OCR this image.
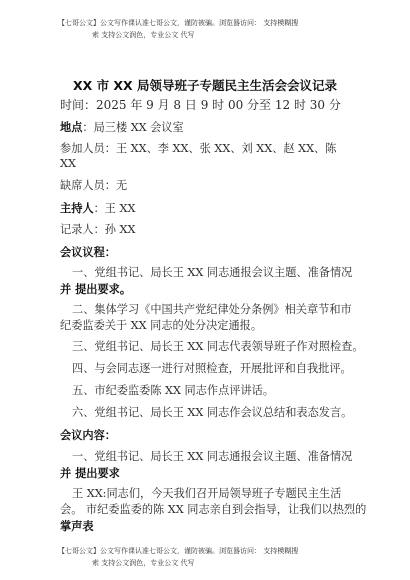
【七哥公文】公文写作课认准七哥公文，谨防被骗。浏览器访问： 支持模糊搜
索 支持公文润色，专业公文 代写
XX 市 XX 局领导班子专题民主生活会会议记录
时间：2025 年 9 月 8 日 9 时 00 分至 12 时 30 分
地点：局三楼 XX 会议室
参加人员：王 XX、李 XX、张 XX、刘 XX、赵 XX、陈
XX
缺席人员：无
主持人：王 XX
记录人：孙 XX
会议议程：
一、党组书记、局长王 XX 同志通报会议主题、准备情况
并 提出要求。
二、集体学习《中国共产党纪律处分条例》相关章节和市
纪委监委关于 XX 同志的处分决定通报。
三、党组书记、局长王 XX 同志代表领导班子作对照检查。
四、与会同志逐一进行对照检查，开展批评和自我批评。
五、市纪委监委陈 XX 同志作点评讲话。
六、党组书记、局长王 XX 同志作会议总结和表态发言。
会议内容：
一、党组书记、局长王 XX 同志通报会议主题、准备情况
并 提出要求
王 XX:同志们，今天我们召开局领导班子专题民主生活
会。 市纪委监委的陈 XX 同志亲自到会指导，让我们以热烈的
掌声表
【七哥公文】公文写作课认准七哥公文，谨防被骗。浏览器访问： 支持模糊搜
索 支持公文润色，专业公文 代写
